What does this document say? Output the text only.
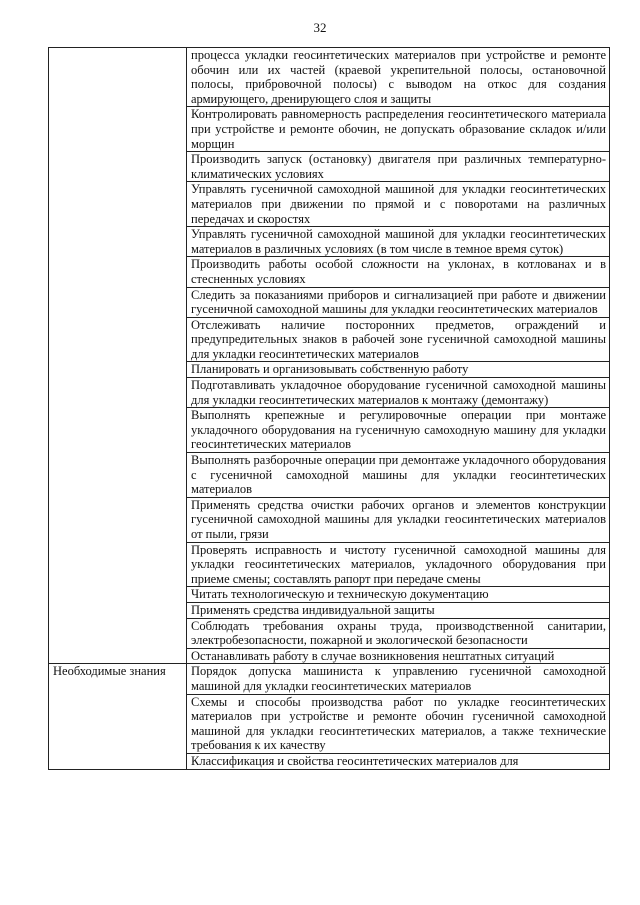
32
	процесса укладки геосинтетических материалов при устройстве и ремонте обочин или их частей (краевой укрепительной полосы, остановочной полосы, прибровочной полосы) с выводом на откос для создания армирующего, дренирующего слоя и защиты
	Контролировать равномерность распределения геосинтетического материала при устройстве и ремонте обочин, не допускать образование складок и/или морщин
	Производить запуск (остановку) двигателя при различных температурно-климатических условиях
	Управлять гусеничной самоходной машиной для укладки геосинтетических материалов при движении по прямой и с поворотами на различных передачах и скоростях
	Управлять гусеничной самоходной машиной для укладки геосинтетических материалов в различных условиях (в том числе в темное время суток)
	Производить работы особой сложности на уклонах, в котлованах и в стесненных условиях
	Следить за показаниями приборов и сигнализацией при работе и движении гусеничной самоходной машины для укладки геосинтетических материалов
	Отслеживать наличие посторонних предметов, ограждений и предупредительных знаков в рабочей зоне гусеничной самоходной машины для укладки геосинтетических материалов
	Планировать и организовывать собственную работу
	Подготавливать укладочное оборудование гусеничной самоходной машины для укладки геосинтетических материалов к монтажу (демонтажу)
	Выполнять крепежные и регулировочные операции при монтаже укладочного оборудования на гусеничную самоходную машину для укладки геосинтетических материалов
	Выполнять разборочные операции при демонтаже укладочного оборудования с гусеничной самоходной машины для укладки геосинтетических материалов
	Применять средства очистки рабочих органов и элементов конструкции гусеничной самоходной машины для укладки геосинтетических материалов от пыли, грязи
	Проверять исправность и чистоту гусеничной самоходной машины для укладки геосинтетических материалов, укладочного оборудования при приеме смены; составлять рапорт при передаче смены
	Читать технологическую и техническую документацию
	Применять средства индивидуальной защиты
	Соблюдать требования охраны труда, производственной санитарии, электробезопасности, пожарной и экологической безопасности
	Останавливать работу в случае возникновения нештатных ситуаций
Необходимые знания	Порядок допуска машиниста к управлению гусеничной самоходной машиной для укладки геосинтетических материалов
	Схемы и способы производства работ по укладке геосинтетических материалов при устройстве и ремонте обочин гусеничной самоходной машиной для укладки геосинтетических материалов, а также технические требования к их качеству
	Классификация и свойства геосинтетических материалов для
